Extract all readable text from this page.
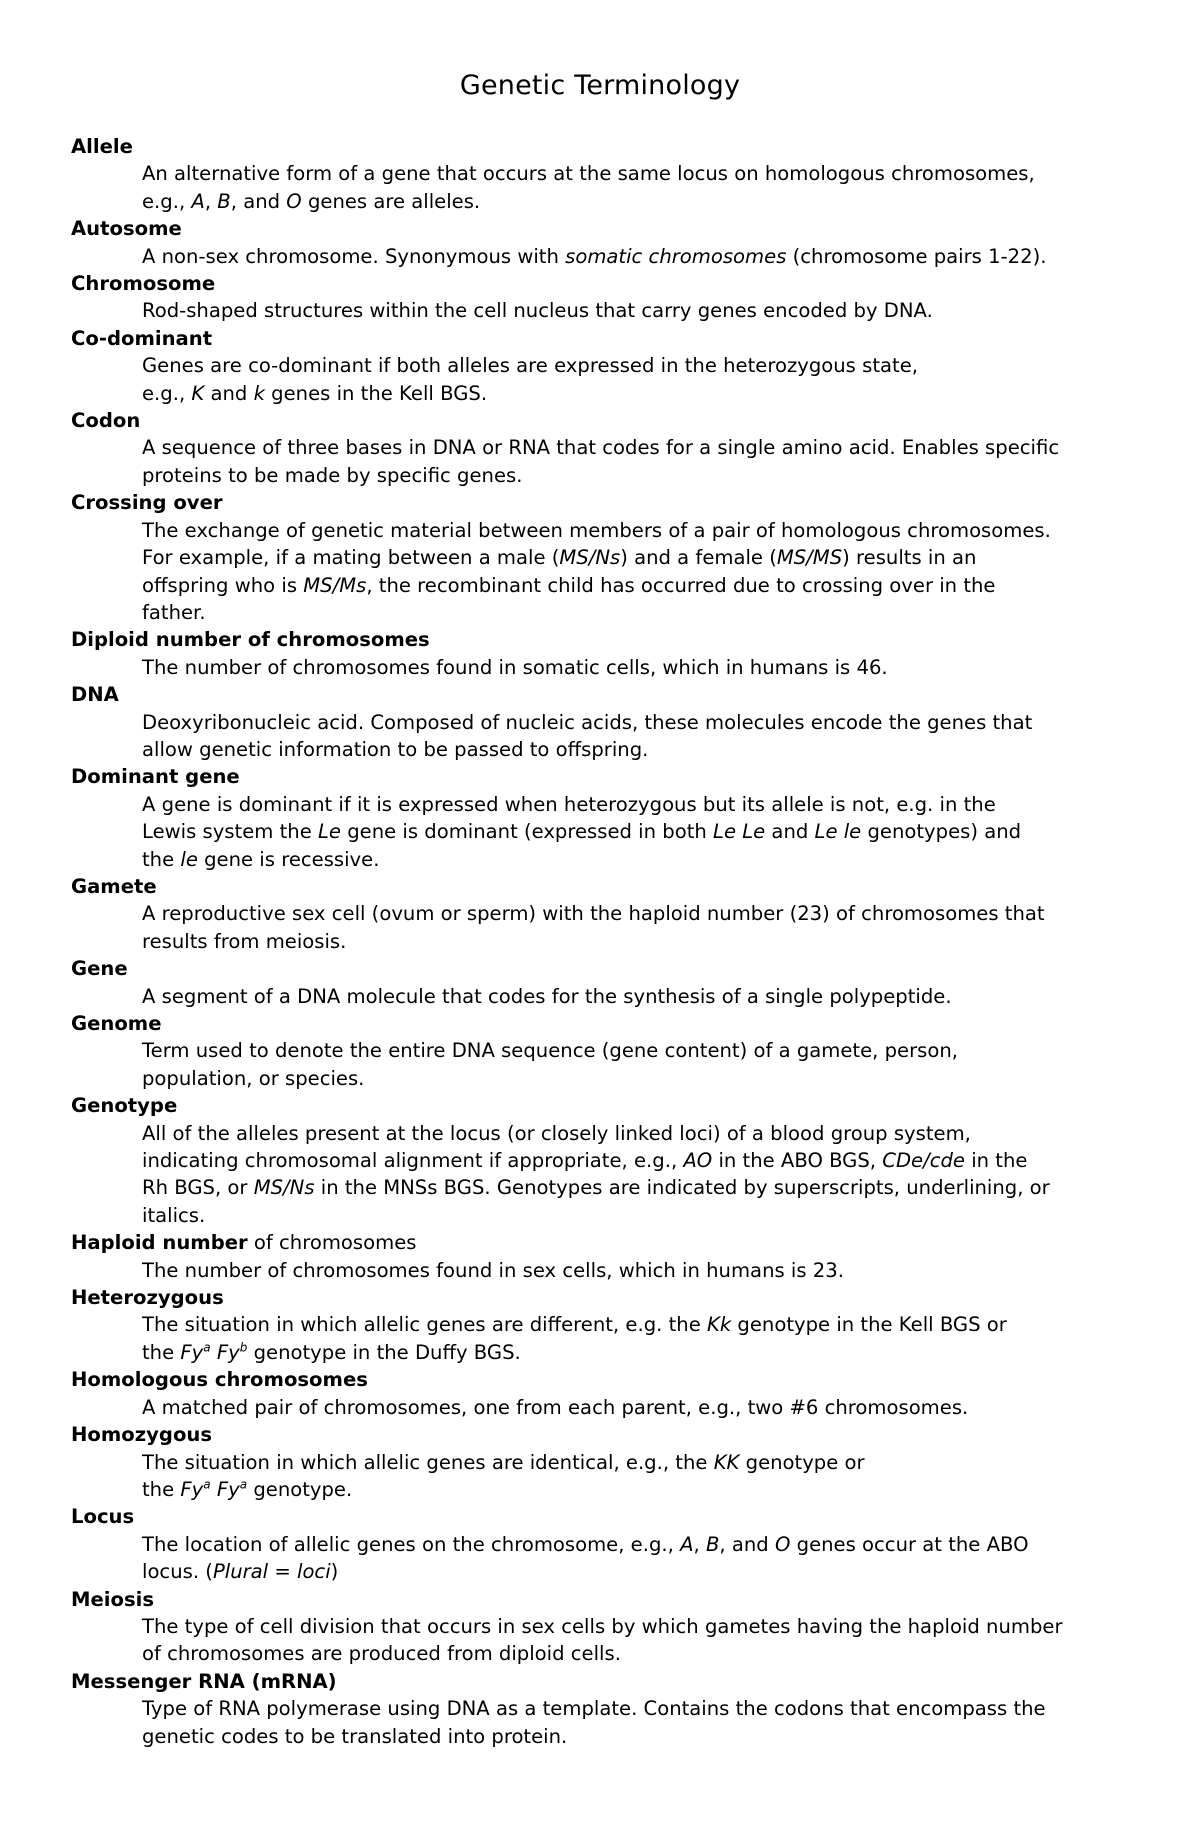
Genetic Terminology
Allele
An alternative form of a gene that occurs at the same locus on homologous chromosomes,
e.g., A, B, and O genes are alleles.
Autosome
A non-sex chromosome. Synonymous with somatic chromosomes (chromosome pairs 1-22).
Chromosome
Rod-shaped structures within the cell nucleus that carry genes encoded by DNA.
Co-dominant
Genes are co-dominant if both alleles are expressed in the heterozygous state,
e.g., K and k genes in the Kell BGS.
Codon
A sequence of three bases in DNA or RNA that codes for a single amino acid. Enables specific
proteins to be made by specific genes.
Crossing over
The exchange of genetic material between members of a pair of homologous chromosomes.
For example, if a mating between a male (MS/Ns) and a female (MS/MS) results in an
offspring who is MS/Ms, the recombinant child has occurred due to crossing over in the
father.
Diploid number of chromosomes
The number of chromosomes found in somatic cells, which in humans is 46.
DNA
Deoxyribonucleic acid. Composed of nucleic acids, these molecules encode the genes that
allow genetic information to be passed to offspring.
Dominant gene
A gene is dominant if it is expressed when heterozygous but its allele is not, e.g. in the
Lewis system the Le gene is dominant (expressed in both Le Le and Le le genotypes) and
the le gene is recessive.
Gamete
A reproductive sex cell (ovum or sperm) with the haploid number (23) of chromosomes that
results from meiosis.
Gene
A segment of a DNA molecule that codes for the synthesis of a single polypeptide.
Genome
Term used to denote the entire DNA sequence (gene content) of a gamete, person,
population, or species.
Genotype
All of the alleles present at the locus (or closely linked loci) of a blood group system,
indicating chromosomal alignment if appropriate, e.g., AO in the ABO BGS, CDe/cde in the
Rh BGS, or MS/Ns in the MNSs BGS. Genotypes are indicated by superscripts, underlining, or
italics.
Haploid number of chromosomes
The number of chromosomes found in sex cells, which in humans is 23.
Heterozygous
The situation in which allelic genes are different, e.g. the Kk genotype in the Kell BGS or
the Fy$^a$ Fy$^b$ genotype in the Duffy BGS.
Homologous chromosomes
A matched pair of chromosomes, one from each parent, e.g., two #6 chromosomes.
Homozygous
The situation in which allelic genes are identical, e.g., the KK genotype or
the Fy$^a$ Fy$^a$ genotype.
Locus
The location of allelic genes on the chromosome, e.g., A, B, and O genes occur at the ABO
locus. (Plural = loci)
Meiosis
The type of cell division that occurs in sex cells by which gametes having the haploid number
of chromosomes are produced from diploid cells.
Messenger RNA (mRNA)
Type of RNA polymerase using DNA as a template. Contains the codons that encompass the
genetic codes to be translated into protein.
